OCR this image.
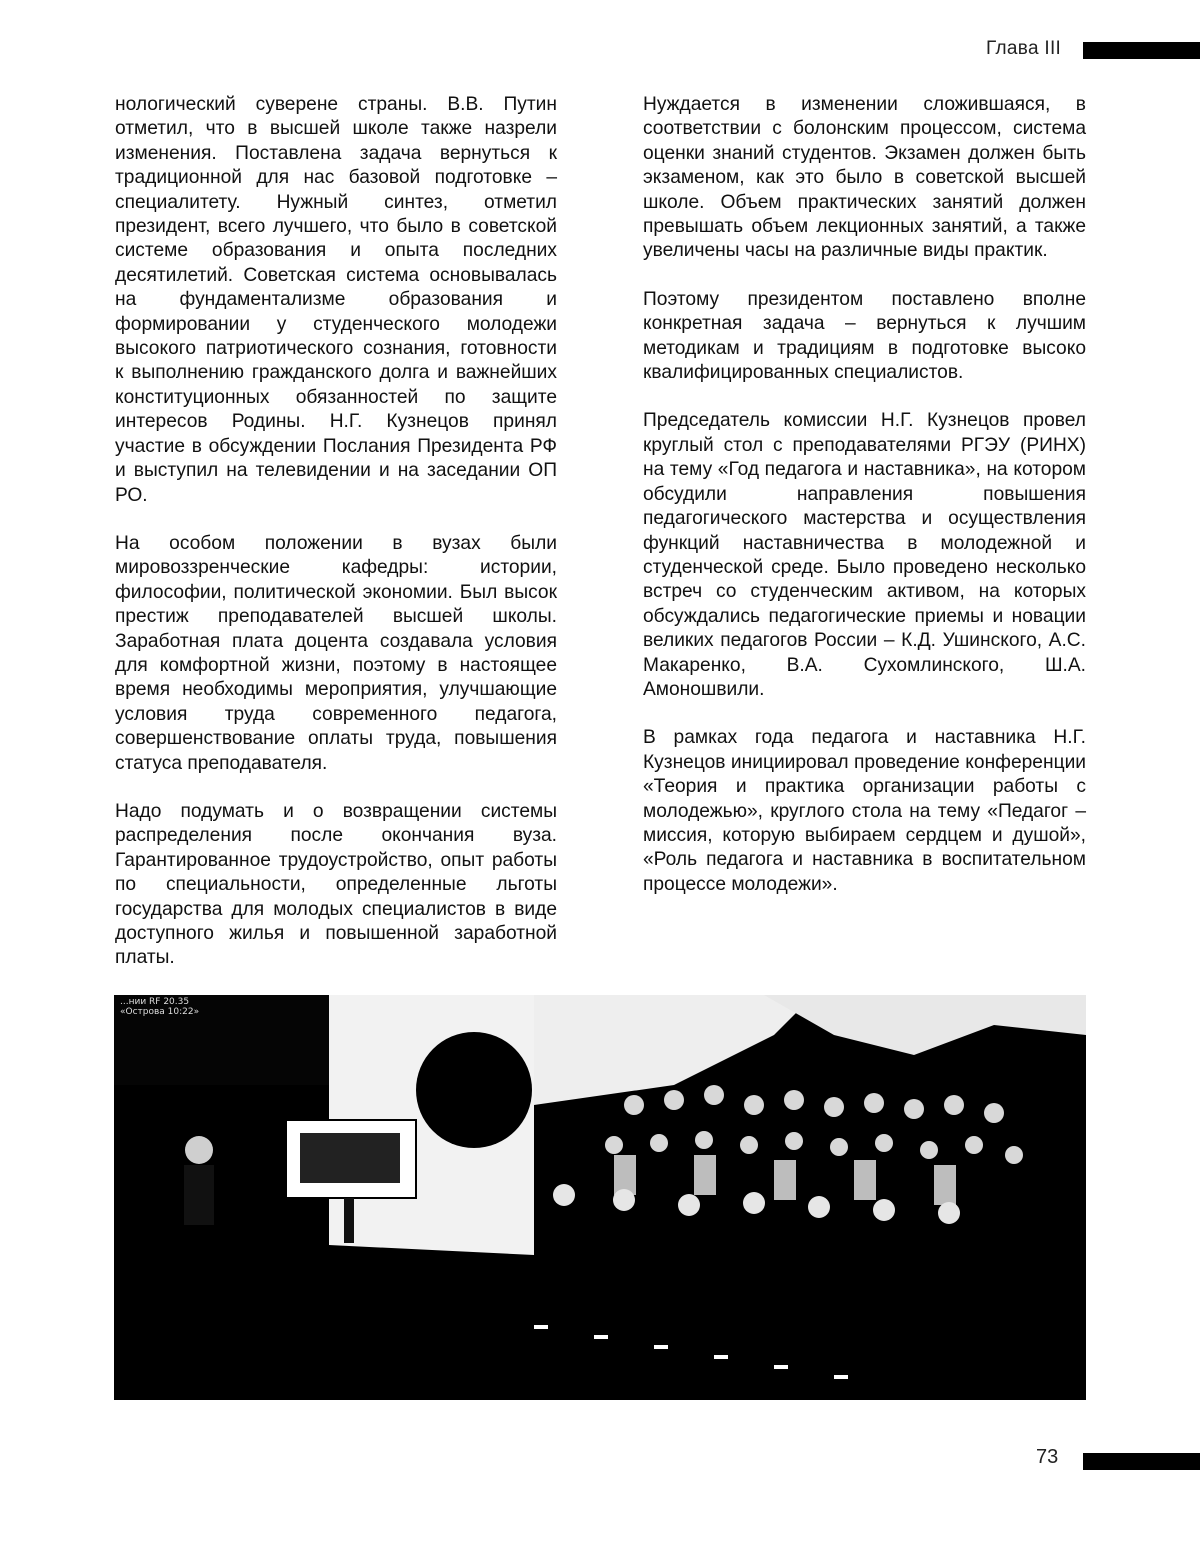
Глава III

нологический суверене страны. В.В. Путин отметил, что в высшей школе также назрели изменения. Поставлена задача вернуться к традиционной для нас базовой подготовке – специалитету. Нужный синтез, отметил президент, всего лучшего, что было в советской системе образования и опыта последних десятилетий. Советская система основывалась на фундаментализме образования и формировании у студенческого молодежи высокого патриотического сознания, готовности к выполнению гражданского долга и важнейших конституционных обязанностей по защите интересов Родины. Н.Г. Кузнецов принял участие в обсуждении Послания Президента РФ и выступил на телевидении и на заседании ОП РО.

На особом положении в вузах были мировоззренческие кафедры: истории, философии, политической экономии. Был высок престиж преподавателей высшей школы. Заработная плата доцента создавала условия для комфортной жизни, поэтому в настоящее время необходимы мероприятия, улучшающие условия труда современного педагога, совершенствование оплаты труда, повышения статуса преподавателя.

Надо подумать и о возвращении системы распределения после окончания вуза. Гарантированное трудоустройство, опыт работы по специальности, определенные льготы государства для молодых специалистов в виде доступного жилья и повышенной заработной платы.

Нуждается в изменении сложившаяся, в соответствии с болонским процессом, система оценки знаний студентов. Экзамен должен быть экзаменом, как это было в советской высшей школе. Объем практических занятий должен превышать объем лекционных занятий, а также увеличены часы на различные виды практик.

Поэтому президентом поставлено вполне конкретная задача – вернуться к лучшим методикам и традициям в подготовке высоко квалифицированных специалистов.

Председатель комиссии Н.Г. Кузнецов провел круглый стол с преподавателями РГЭУ (РИНХ) на тему «Год педагога и наставника», на котором обсудили направления повышения педагогического мастерства и осуществления функций наставничества в молодежной и студенческой среде. Было проведено несколько встреч со студенческим активом, на которых обсуждались педагогические приемы и новации великих педагогов России – К.Д. Ушинского, А.С. Макаренко, В.А. Сухомлинского, Ш.А. Амоношвили.

В рамках года педагога и наставника Н.Г. Кузнецов инициировал проведение конференции «Теория и практика организации работы с молодежью», круглого стола на тему «Педагог – миссия, которую выбираем сердцем и душой», «Роль педагога и наставника в воспитательном процессе молодежи».

...нии RF 20.35
«Острова 10:22»
73
